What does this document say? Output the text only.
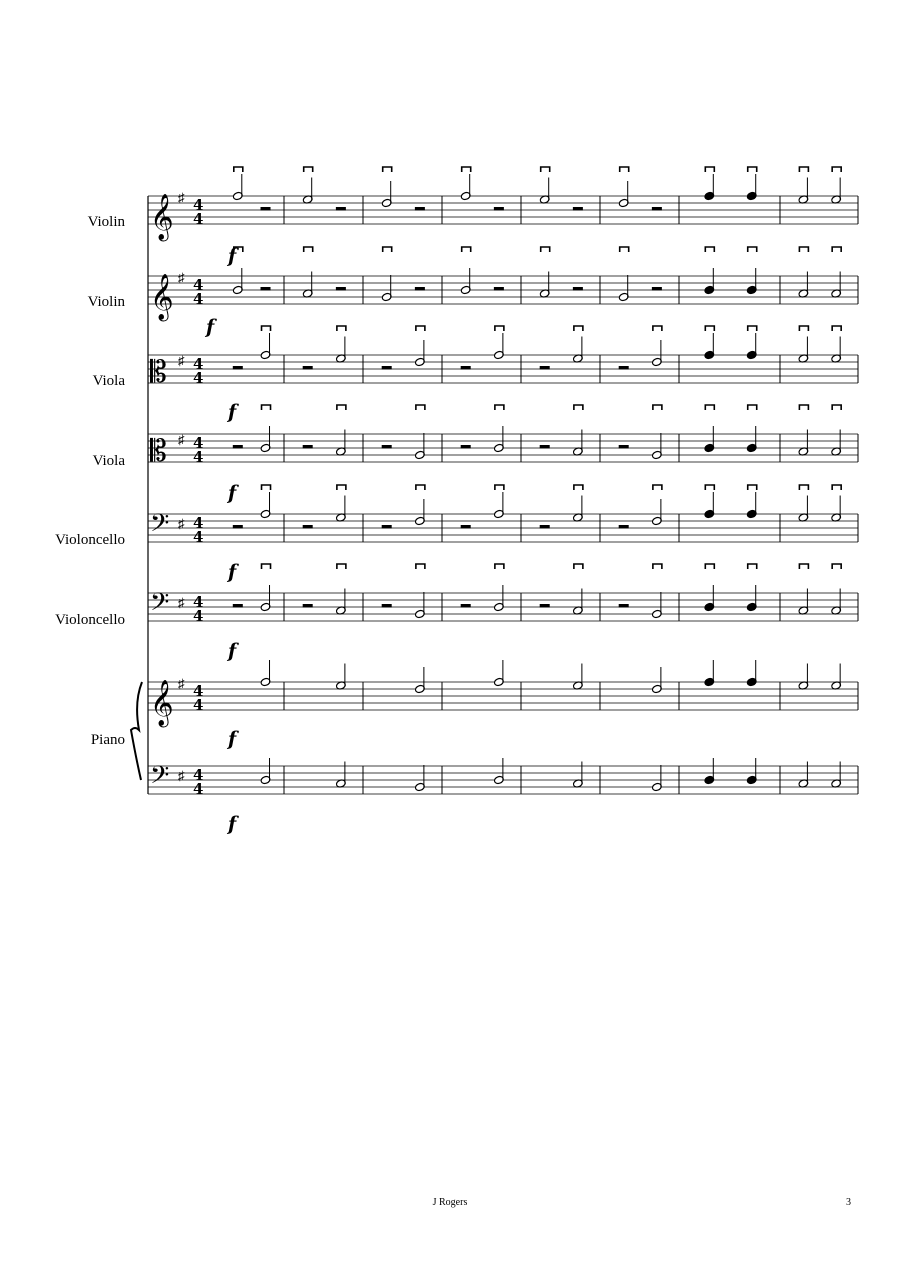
𝄞 ♯ 4
4
𝄞 ♯ 4
4
𝄡 ♯ 4
4
𝄡 ♯ 4
4
𝄢 ♯ 4
4
𝄢 ♯ 4
4
𝄞 ♯ 4
4
𝄢 ♯ 4
4
Violin
Violin
Viola
Viola
Violoncello
Violoncello
Piano
f
f
f
f
f
f
f
f
J Rogers	3
